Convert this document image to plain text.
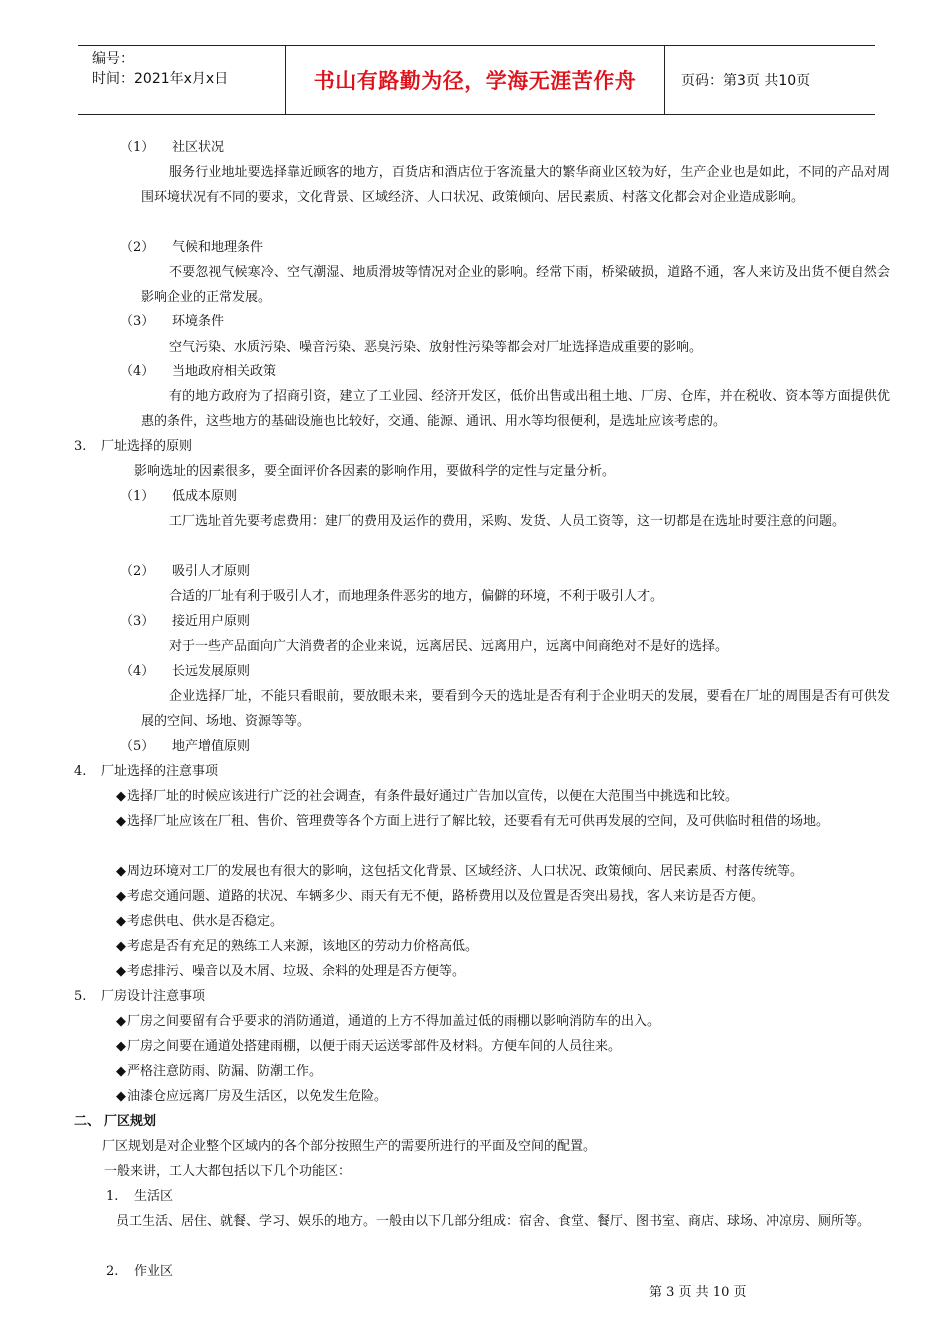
编号：
时间：2021年x月x日	书山有路勤为径，学海无涯苦作舟	页码：第3页 共10页
（1） 社区状况
服务行业地址要选择靠近顾客的地方，百货店和酒店位于客流量大的繁华商业区较为好，生产企业也是如此，不同的产品对周围环境状况有不同的要求，文化背景、区域经济、人口状况、政策倾向、居民素质、村落文化都会对企业造成影响。
（2） 气候和地理条件
不要忽视气候寒冷、空气潮湿、地质滑坡等情况对企业的影响。经常下雨，桥梁破损，道路不通，客人来访及出货不便自然会影响企业的正常发展。
（3） 环境条件
空气污染、水质污染、噪音污染、恶臭污染、放射性污染等都会对厂址选择造成重要的影响。
（4） 当地政府相关政策
有的地方政府为了招商引资，建立了工业园、经济开发区，低价出售或出租土地、厂房、仓库，并在税收、资本等方面提供优惠的条件，这些地方的基础设施也比较好，交通、能源、通讯、用水等均很便利，是选址应该考虑的。
3. 厂址选择的原则
影响选址的因素很多，要全面评价各因素的影响作用，要做科学的定性与定量分析。
（1） 低成本原则
工厂选址首先要考虑费用：建厂的费用及运作的费用，采购、发货、人员工资等，这一切都是在选址时要注意的问题。
（2） 吸引人才原则
合适的厂址有利于吸引人才，而地理条件恶劣的地方，偏僻的环境，不利于吸引人才。
（3） 接近用户原则
对于一些产品面向广大消费者的企业来说，远离居民、远离用户，远离中间商绝对不是好的选择。
（4） 长远发展原则
企业选择厂址，不能只看眼前，要放眼未来，要看到今天的选址是否有利于企业明天的发展，要看在厂址的周围是否有可供发展的空间、场地、资源等等。
（5） 地产增值原则
4. 厂址选择的注意事项
◆选择厂址的时候应该进行广泛的社会调查，有条件最好通过广告加以宣传，以便在大范围当中挑选和比较。
◆选择厂址应该在厂租、售价、管理费等各个方面上进行了解比较，还要看有无可供再发展的空间，及可供临时租借的场地。
◆周边环境对工厂的发展也有很大的影响，这包括文化背景、区域经济、人口状况、政策倾向、居民素质、村落传统等。
◆考虑交通问题、道路的状况、车辆多少、雨天有无不便，路桥费用以及位置是否突出易找，客人来访是否方便。
◆考虑供电、供水是否稳定。
◆考虑是否有充足的熟练工人来源，该地区的劳动力价格高低。
◆考虑排污、噪音以及木屑、垃圾、余料的处理是否方便等。
5. 厂房设计注意事项
◆厂房之间要留有合乎要求的消防通道，通道的上方不得加盖过低的雨棚以影响消防车的出入。
◆厂房之间要在通道处搭建雨棚，以便于雨天运送零部件及材料。方便车间的人员往来。
◆严格注意防雨、防漏、防潮工作。
◆油漆仓应远离厂房及生活区，以免发生危险。
二、 厂区规划
厂区规划是对企业整个区域内的各个部分按照生产的需要所进行的平面及空间的配置。
一般来讲，工人大都包括以下几个功能区：
1. 生活区
员工生活、居住、就餐、学习、娱乐的地方。一般由以下几部分组成：宿舍、食堂、餐厅、图书室、商店、球场、冲凉房、厕所等。
2. 作业区
第 3 页 共 10 页
